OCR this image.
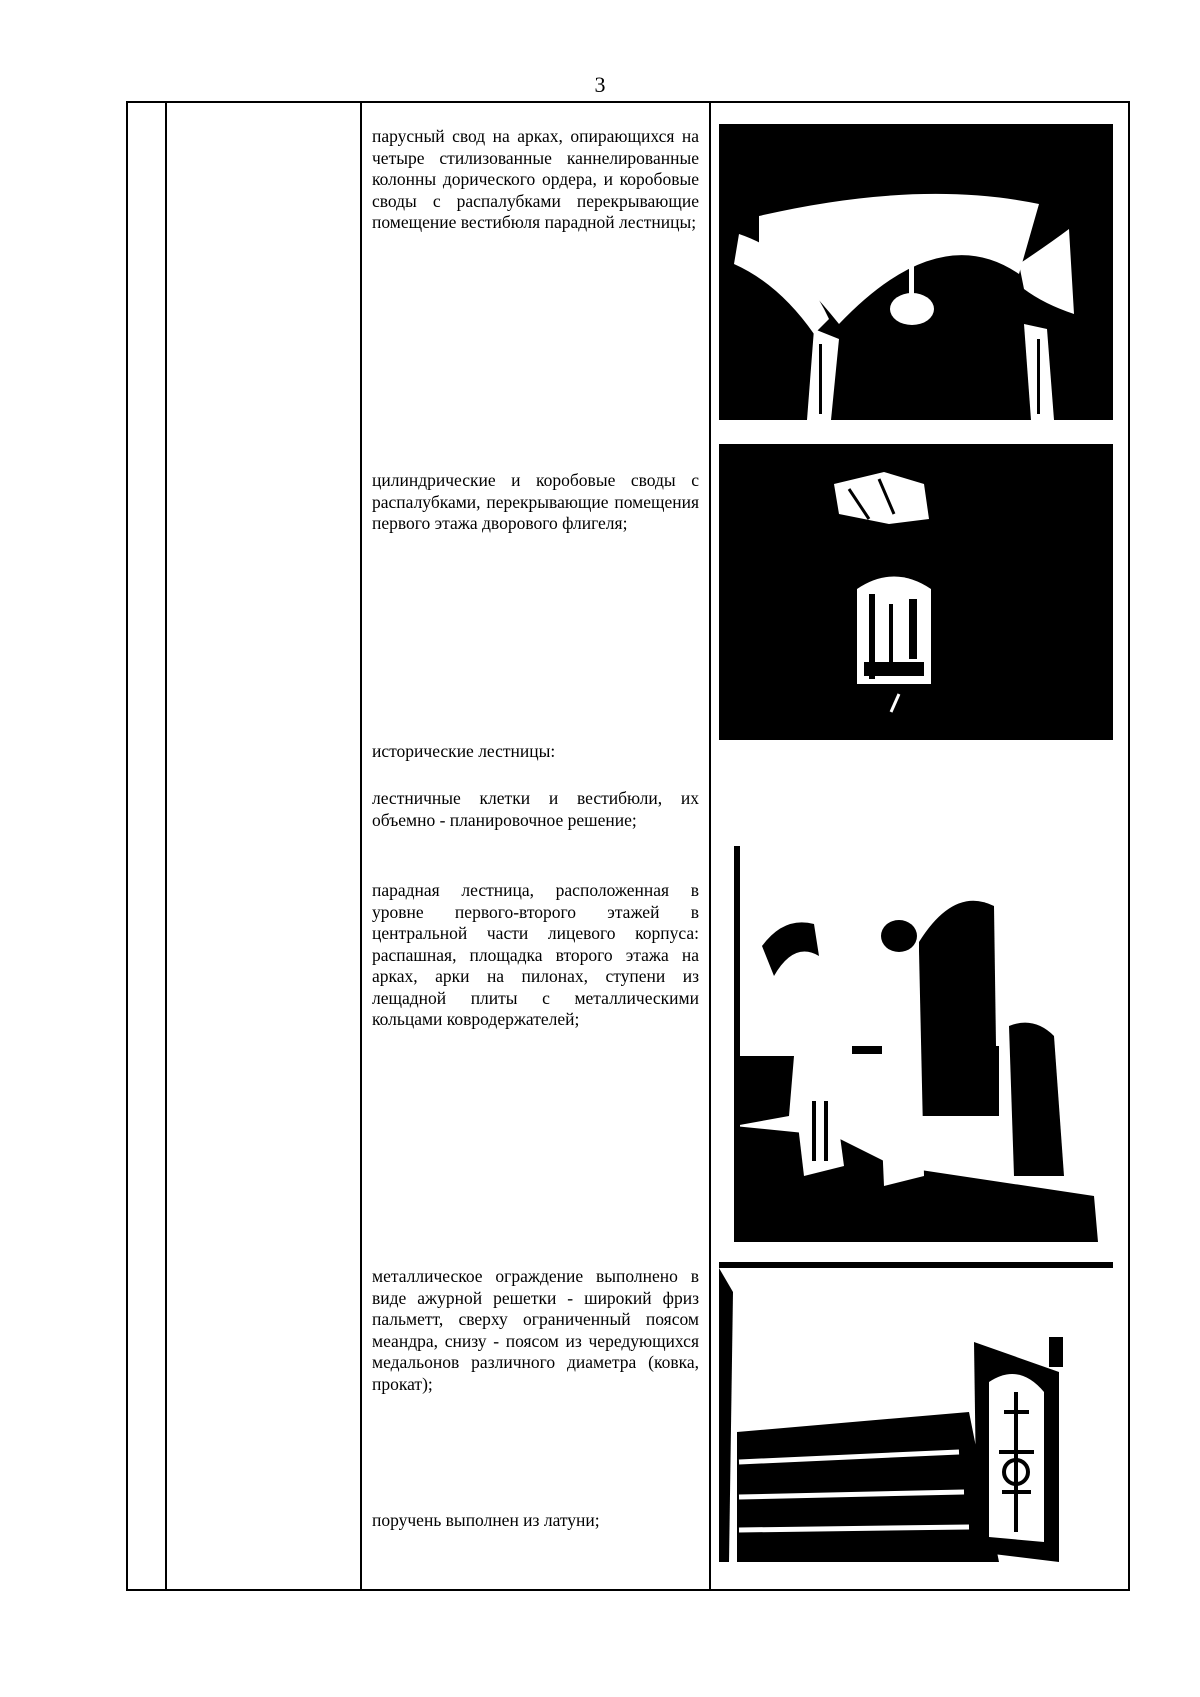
3
парусный свод на арках, опирающихся на четыре стилизованные каннелированные колонны дорического ордера, и коробовые своды с распалубками перекрывающие помещение вестибюля парадной лестницы;
цилиндрические и коробовые своды с распалубками, перекрывающие помещения первого этажа дворового флигеля;
исторические лестницы:
лестничные клетки и вестибюли, их объемно - планировочное решение;
парадная лестница, расположенная в уровне первого-второго этажей в центральной части лицевого корпуса: распашная, площадка второго этажа на арках, арки на пилонах, ступени из лещадной плиты с металлическими кольцами ковродержателей;
металлическое ограждение выполнено в виде ажурной решетки - широкий фриз пальметт, сверху ограниченный поясом меандра, снизу - поясом из чередующихся медальонов различного диаметра (ковка, прокат);
поручень выполнен из латуни;
